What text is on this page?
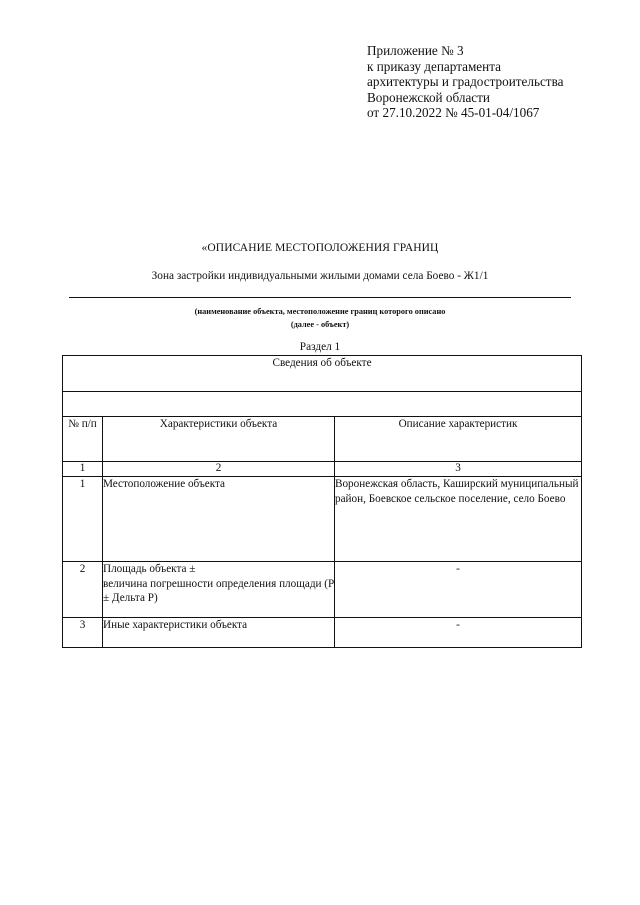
Приложение № 3
к приказу департамента
архитектуры и градостроительства
Воронежской области
от 27.10.2022 № 45-01-04/1067
«ОПИСАНИЕ МЕСТОПОЛОЖЕНИЯ ГРАНИЦ
Зона застройки индивидуальными жилыми домами села Боево - Ж1/1
(наименование объекта, местоположение границ которого описано
(далее - объект)
Раздел 1
Сведения об объекте		

№ п/п	Характеристики объекта	Описание характеристик
1	2	3
1	Местоположение объекта	Воронежская область, Каширский муниципальный район, Боевское сельское поселение, село Боево
2	Площадь объекта ±
величина погрешности определения площади (P ± Дельта P)	-
3	Иные характеристики объекта	-
